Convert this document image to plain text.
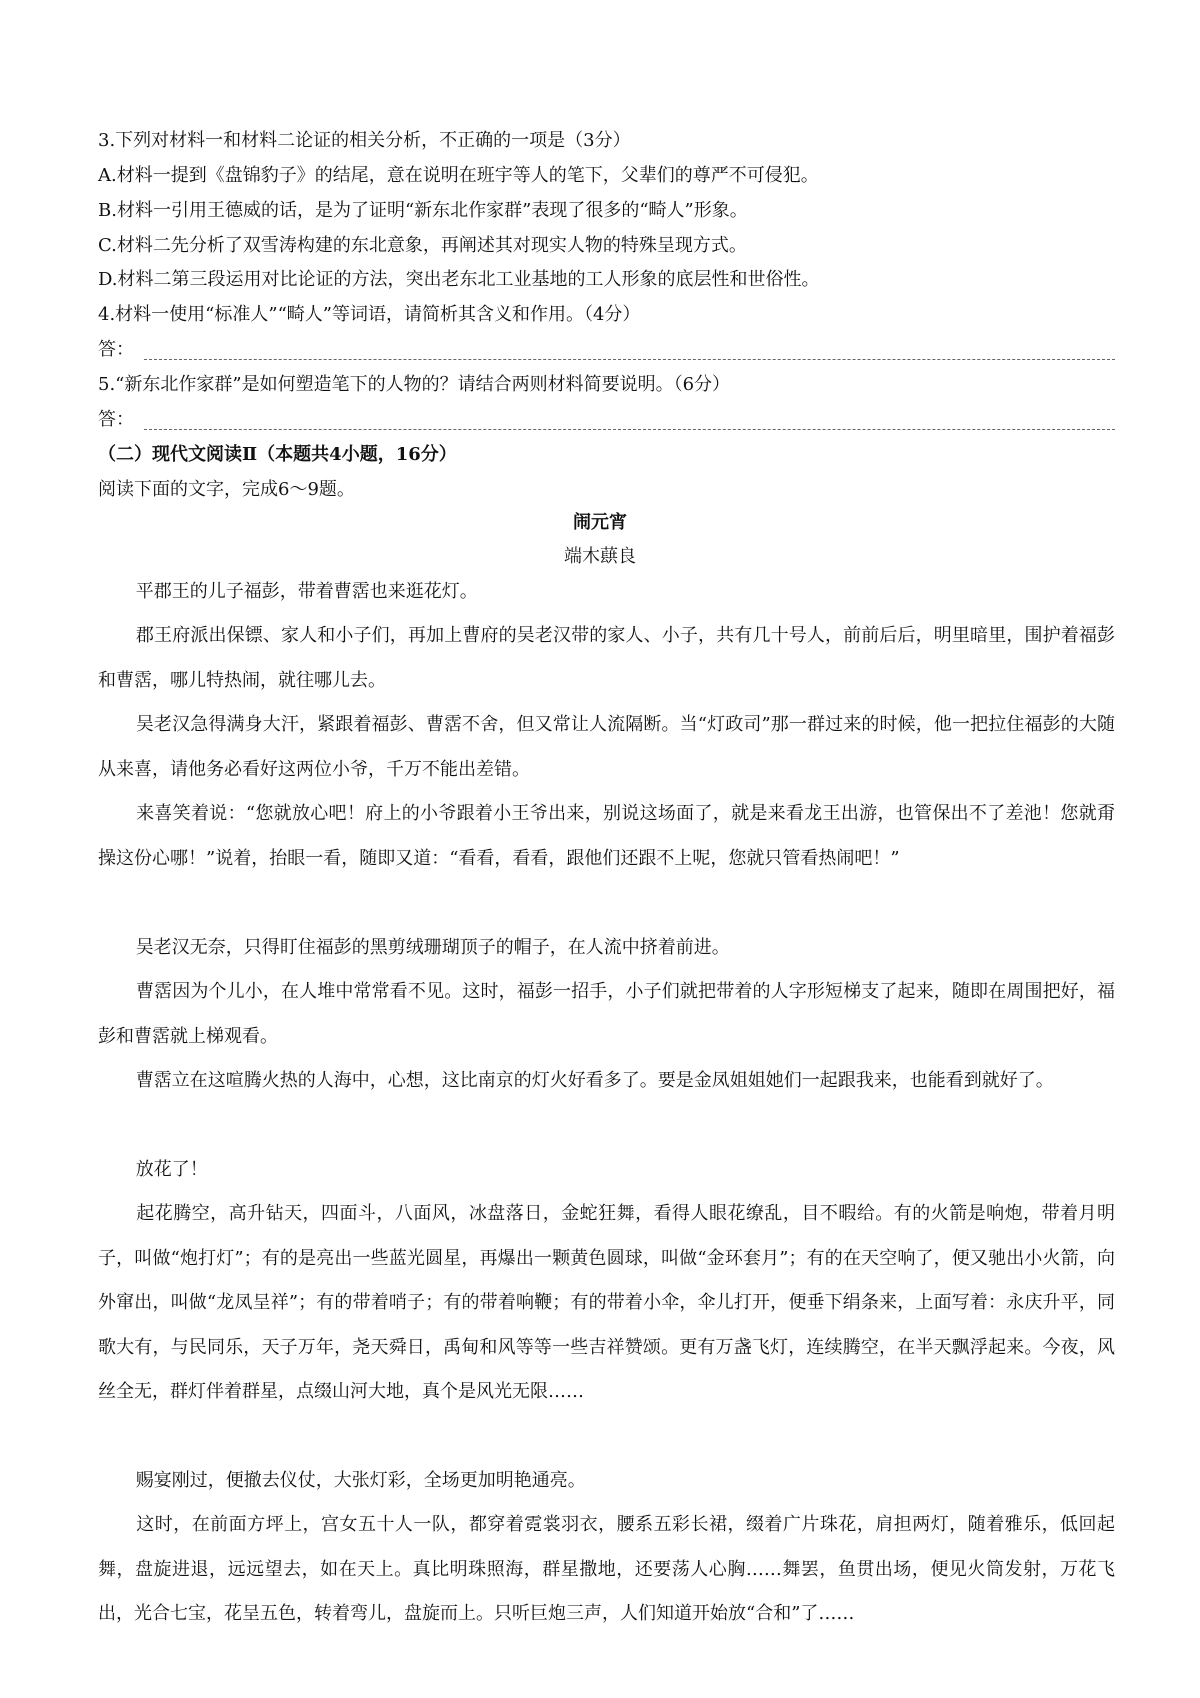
3.下列对材料一和材料二论证的相关分析，不正确的一项是（3分）
A.材料一提到《盘锦豹子》的结尾，意在说明在班宇等人的笔下，父辈们的尊严不可侵犯。
B.材料一引用王德威的话，是为了证明“新东北作家群”表现了很多的“畸人”形象。
C.材料二先分析了双雪涛构建的东北意象，再阐述其对现实人物的特殊呈现方式。
D.材料二第三段运用对比论证的方法，突出老东北工业基地的工人形象的底层性和世俗性。
4.材料一使用“标准人”“畸人”等词语，请简析其含义和作用。（4分）
答：
5.“新东北作家群”是如何塑造笔下的人物的？请结合两则材料简要说明。（6分）
答：
（二）现代文阅读Ⅱ（本题共4小题，16分）
阅读下面的文字，完成6～9题。
闹元宵
端木蕻良
平郡王的儿子福彭，带着曹霑也来逛花灯。
郡王府派出保镖、家人和小子们，再加上曹府的吴老汉带的家人、小子，共有几十号人，前前后后，明里暗里，围护着福彭和曹霑，哪儿特热闹，就往哪儿去。
吴老汉急得满身大汗，紧跟着福彭、曹霑不舍，但又常让人流隔断。当“灯政司”那一群过来的时候，他一把拉住福彭的大随从来喜，请他务必看好这两位小爷，千万不能出差错。
来喜笑着说：“您就放心吧！府上的小爷跟着小王爷出来，别说这场面了，就是来看龙王出游，也管保出不了差池！您就甭操这份心哪！”说着，抬眼一看，随即又道：“看看，看看，跟他们还跟不上呢，您就只管看热闹吧！”
吴老汉无奈，只得盯住福彭的黑剪绒珊瑚顶子的帽子，在人流中挤着前进。
曹霑因为个儿小，在人堆中常常看不见。这时，福彭一招手，小子们就把带着的人字形短梯支了起来，随即在周围把好，福彭和曹霑就上梯观看。
曹霑立在这喧腾火热的人海中，心想，这比南京的灯火好看多了。要是金凤姐姐她们一起跟我来，也能看到就好了。
放花了！
起花腾空，高升钻天，四面斗，八面风，冰盘落日，金蛇狂舞，看得人眼花缭乱，目不暇给。有的火箭是响炮，带着月明子，叫做“炮打灯”；有的是亮出一些蓝光圆星，再爆出一颗黄色圆球，叫做“金环套月”；有的在天空响了，便又驰出小火箭，向外窜出，叫做“龙凤呈祥”；有的带着哨子；有的带着响鞭；有的带着小伞，伞儿打开，便垂下绢条来，上面写着：永庆升平，同歌大有，与民同乐，天子万年，尧天舜日，禹甸和风等等一些吉祥赞颂。更有万盏飞灯，连续腾空，在半天飘浮起来。今夜，风丝全无，群灯伴着群星，点缀山河大地，真个是风光无限……
赐宴刚过，便撤去仪仗，大张灯彩，全场更加明艳通亮。
这时，在前面方坪上，宫女五十人一队，都穿着霓裳羽衣，腰系五彩长裙，缀着广片珠花，肩担两灯，随着雅乐，低回起舞，盘旋进退，远远望去，如在天上。真比明珠照海，群星撒地，还要荡人心胸……舞罢，鱼贯出场，便见火筒发射，万花飞出，光合七宝，花呈五色，转着弯儿，盘旋而上。只听巨炮三声，人们知道开始放“合和”了……
